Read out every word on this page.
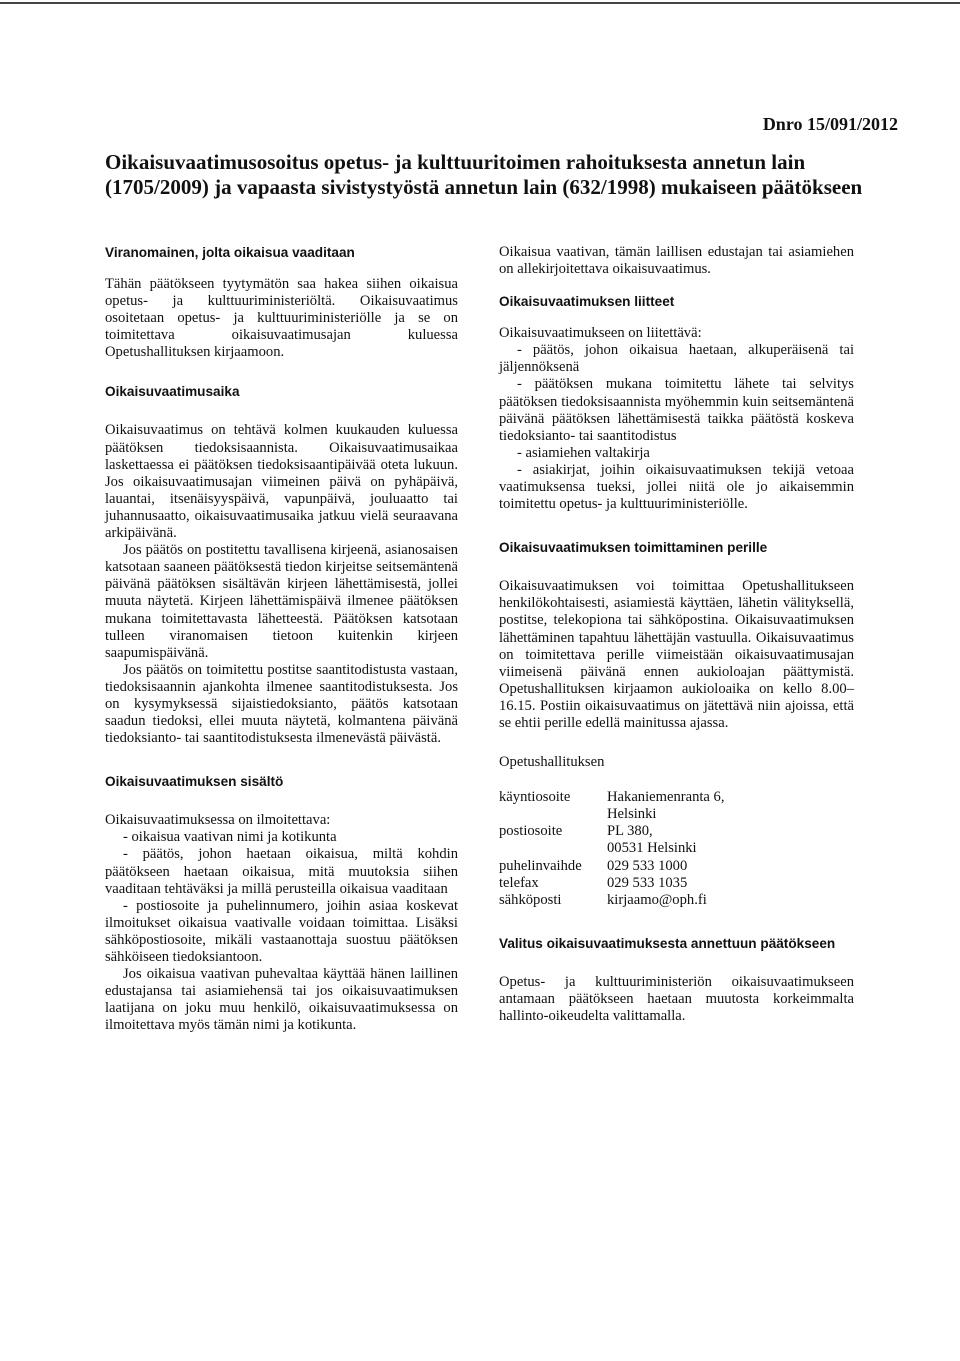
Dnro 15/091/2012
Oikaisuvaatimusosoitus opetus- ja kulttuuritoimen rahoituksesta annetun lain (1705/2009) ja vapaasta sivistystyöstä annetun lain (632/1998) mukaiseen päätökseen
Viranomainen, jolta oikaisua vaaditaan

Tähän päätökseen tyytymätön saa hakea siihen oikaisua opetus- ja kulttuuriministeriöltä. Oikaisuvaatimus osoitetaan opetus- ja kulttuuriministeriölle ja se on toimitettava oikaisuvaatimusajan kuluessa Opetushallituksen kirjaamoon.

Oikaisuvaatimusaika

Oikaisuvaatimus on tehtävä kolmen kuukauden kuluessa päätöksen tiedoksisaannista. Oikaisuvaatimusaikaa laskettaessa ei päätöksen tiedoksisaantipäivää oteta lukuun. Jos oikaisuvaatimusajan viimeinen päivä on pyhäpäivä, lauantai, itsenäisyyspäivä, vapunpäivä, jouluaatto tai juhannusaatto, oikaisuvaatimusaika jatkuu vielä seuraavana arkipäivänä.

Jos päätös on postitettu tavallisena kirjeenä, asianosaisen katsotaan saaneen päätöksestä tiedon kirjeitse seitsemäntenä päivänä päätöksen sisältävän kirjeen lähettämisestä, jollei muuta näytetä. Kirjeen lähettämispäivä ilmenee päätöksen mukana toimitettavasta lähetteestä. Päätöksen katsotaan tulleen viranomaisen tietoon kuitenkin kirjeen saapumispäivänä.

Jos päätös on toimitettu postitse saantitodistusta vastaan, tiedoksisaannin ajankohta ilmenee saantitodistuksesta. Jos on kysymyksessä sijaistiedoksianto, päätös katsotaan saadun tiedoksi, ellei muuta näytetä, kolmantena päivänä tiedoksianto- tai saantitodistuksesta ilmenevästä päivästä.

Oikaisuvaatimuksen sisältö

Oikaisuvaatimuksessa on ilmoitettava:

- oikaisua vaativan nimi ja kotikunta

- päätös, johon haetaan oikaisua, miltä kohdin päätökseen haetaan oikaisua, mitä muutoksia siihen vaaditaan tehtäväksi ja millä perusteilla oikaisua vaaditaan

- postiosoite ja puhelinnumero, joihin asiaa koskevat ilmoitukset oikaisua vaativalle voidaan toimittaa. Lisäksi sähköpostiosoite, mikäli vastaanottaja suostuu päätöksen sähköiseen tiedoksiantoon.

Jos oikaisua vaativan puhevaltaa käyttää hänen laillinen edustajansa tai asiamiehensä tai jos oikaisuvaatimuksen laatijana on joku muu henkilö, oikaisuvaatimuksessa on ilmoitettava myös tämän nimi ja kotikunta.

Oikaisua vaativan, tämän laillisen edustajan tai asiamiehen on allekirjoitettava oikaisuvaatimus.

Oikaisuvaatimuksen liitteet

Oikaisuvaatimukseen on liitettävä:

- päätös, johon oikaisua haetaan, alkuperäisenä tai jäljennöksenä

- päätöksen mukana toimitettu lähete tai selvitys päätöksen tiedoksisaannista myöhemmin kuin seitsemäntenä päivänä päätöksen lähettämisestä taikka päätöstä koskeva tiedoksianto- tai saantitodistus

- asiamiehen valtakirja

- asiakirjat, joihin oikaisuvaatimuksen tekijä vetoaa vaatimuksensa tueksi, jollei niitä ole jo aikaisemmin toimitettu opetus- ja kulttuuriministeriölle.

Oikaisuvaatimuksen toimittaminen perille

Oikaisuvaatimuksen voi toimittaa Opetushallitukseen henkilökohtaisesti, asiamiestä käyttäen, lähetin välityksellä, postitse, telekopiona tai sähköpostina. Oikaisuvaatimuksen lähettäminen tapahtuu lähettäjän vastuulla. Oikaisuvaatimus on toimitettava perille viimeistään oikaisuvaatimusajan viimeisenä päivänä ennen aukioloajan päättymistä. Opetushallituksen kirjaamon aukioloaika on kello 8.00–16.15. Postiin oikaisuvaatimus on jätettävä niin ajoissa, että se ehtii perille edellä mainitussa ajassa.

Opetushallituksen

käyntiosoite	Hakaniemenranta 6,
	Helsinki
postiosoite	PL 380,
	00531 Helsinki
puhelinvaihde	029 533 1000
telefax	029 533 1035
sähköposti	kirjaamo@oph.fi
Valitus oikaisuvaatimuksesta annettuun päätökseen

Opetus- ja kulttuuriministeriön oikaisuvaatimukseen antamaan päätökseen haetaan muutosta korkeimmalta hallinto-oikeudelta valittamalla.
